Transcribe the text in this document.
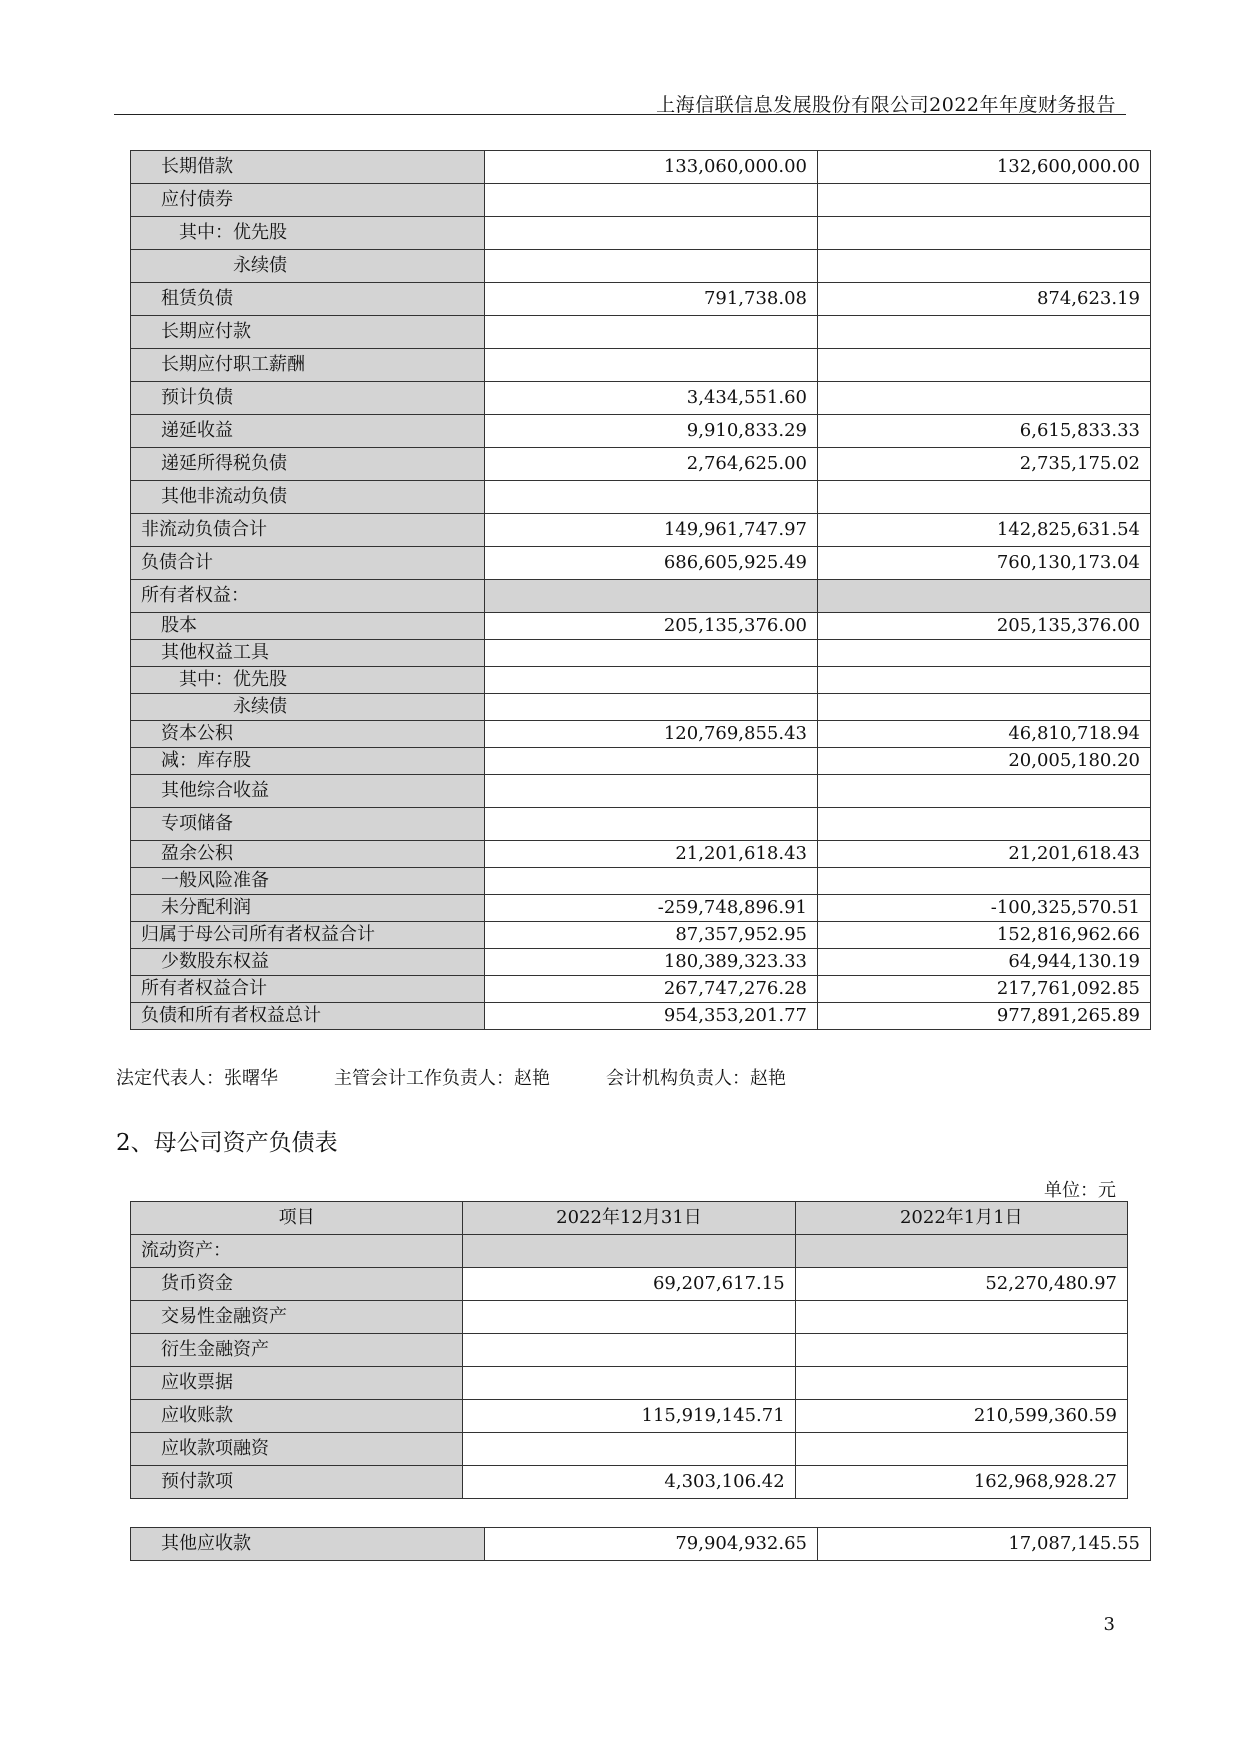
上海信联信息发展股份有限公司2022年年度财务报告
长期借款	133,060,000.00	132,600,000.00
应付债券		
其中：优先股		
永续债		
租赁负债	791,738.08	874,623.19
长期应付款		
长期应付职工薪酬		
预计负债	3,434,551.60	
递延收益	9,910,833.29	6,615,833.33
递延所得税负债	2,764,625.00	2,735,175.02
其他非流动负债		
非流动负债合计	149,961,747.97	142,825,631.54
负债合计	686,605,925.49	760,130,173.04
所有者权益：		
股本	205,135,376.00	205,135,376.00
其他权益工具		
其中：优先股		
永续债		
资本公积	120,769,855.43	46,810,718.94
减：库存股		20,005,180.20
其他综合收益		
专项储备		
盈余公积	21,201,618.43	21,201,618.43
一般风险准备		
未分配利润	-259,748,896.91	-100,325,570.51
归属于母公司所有者权益合计	87,357,952.95	152,816,962.66
少数股东权益	180,389,323.33	64,944,130.19
所有者权益合计	267,747,276.28	217,761,092.85
负债和所有者权益总计	954,353,201.77	977,891,265.89
法定代表人：张曙华	主管会计工作负责人：赵艳	会计机构负责人：赵艳
2、母公司资产负债表
单位：元
项目	2022年12月31日	2022年1月1日
流动资产：		
货币资金	69,207,617.15	52,270,480.97
交易性金融资产		
衍生金融资产		
应收票据		
应收账款	115,919,145.71	210,599,360.59
应收款项融资		
预付款项	4,303,106.42	162,968,928.27
其他应收款	79,904,932.65	17,087,145.55
3
